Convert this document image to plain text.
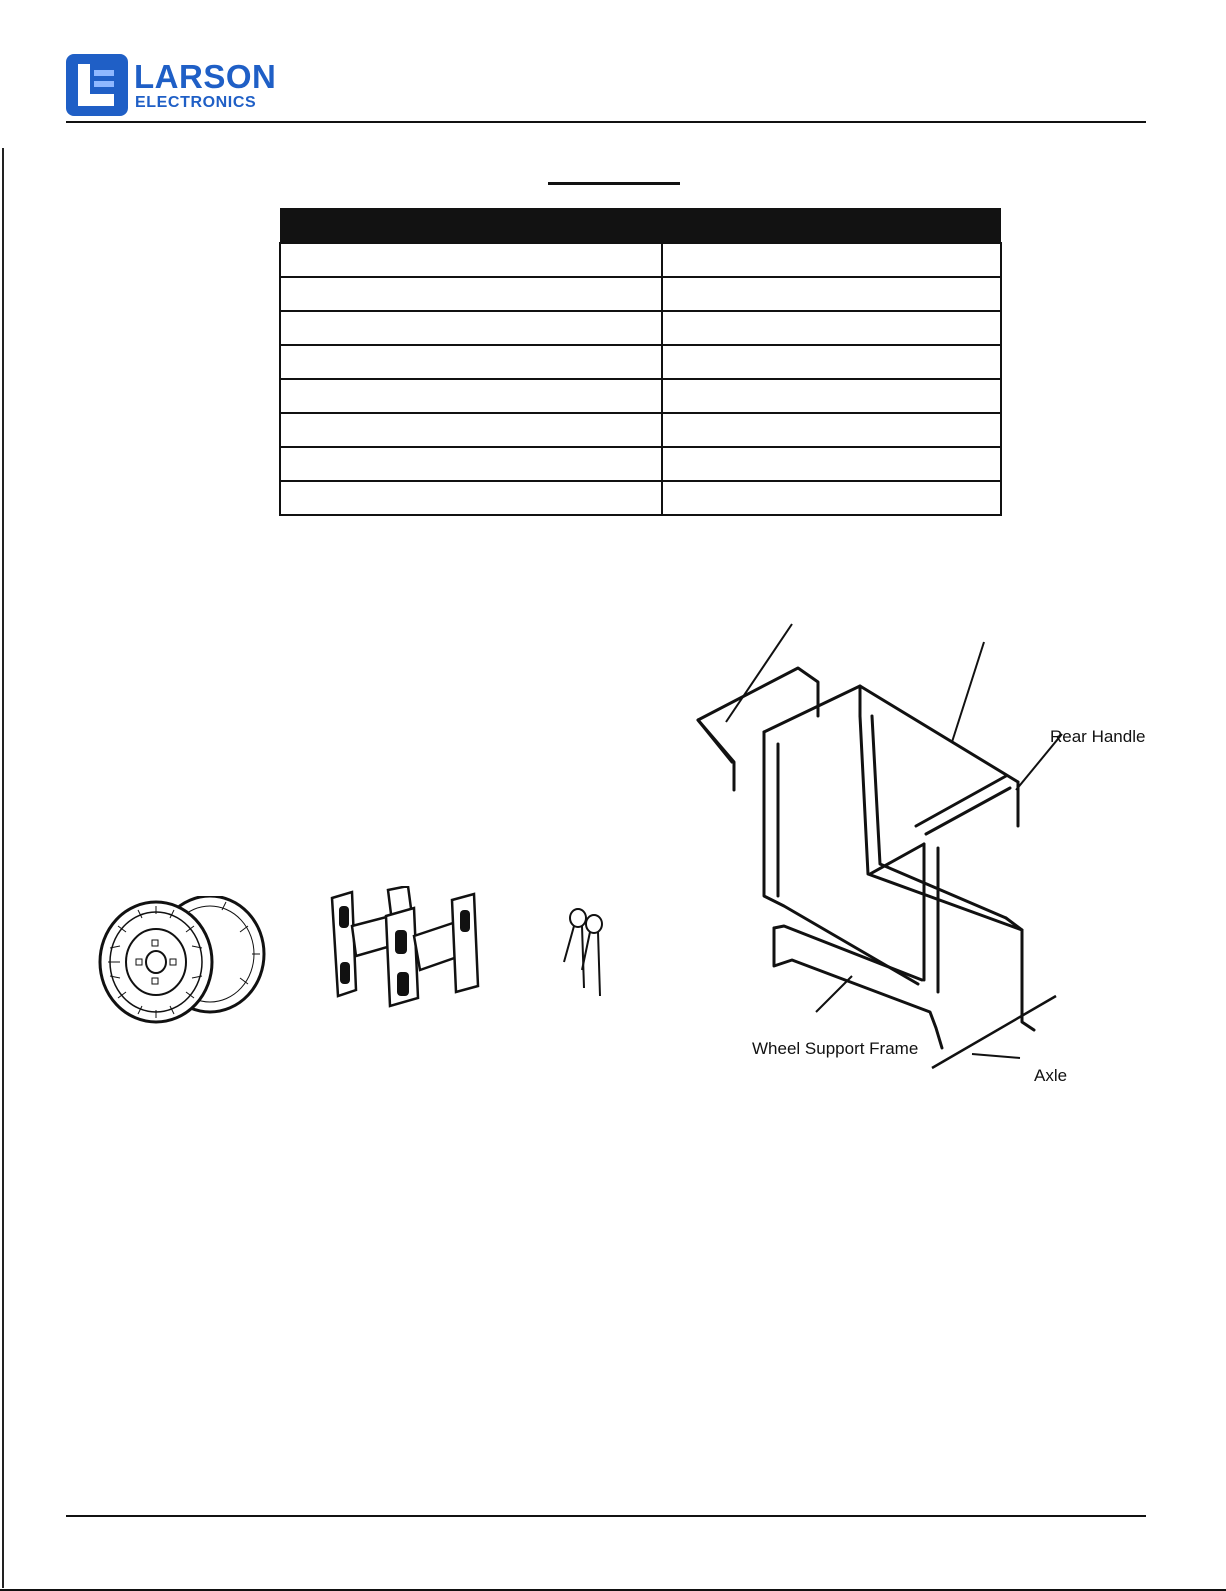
LARSON
ELECTRONICS

Rear Handle
Wheel Support Frame
Axle
